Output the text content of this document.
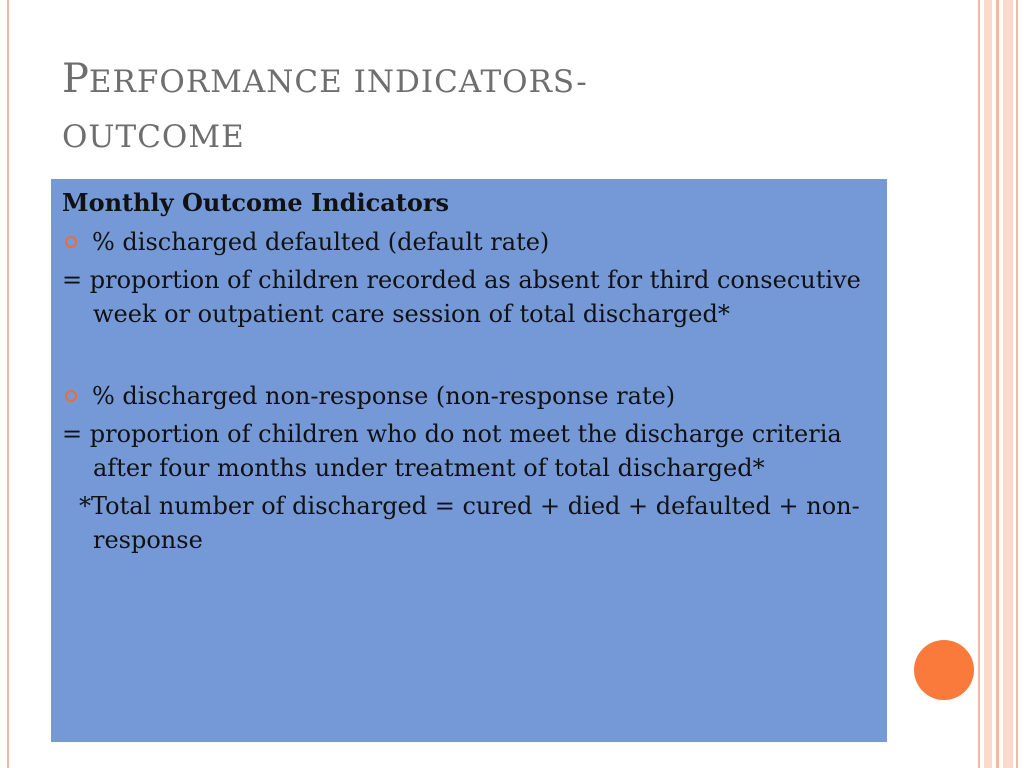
PERFORMANCE INDICATORS-
OUTCOME
Monthly Outcome Indicators
% discharged defaulted (default rate)
= proportion of children recorded as absent for third consecutive week or outpatient care session of total discharged*
% discharged non-response (non-response rate)
= proportion of children who do not meet the discharge criteria after four months under treatment of total discharged*
*Total number of discharged = cured + died + defaulted + non-response
